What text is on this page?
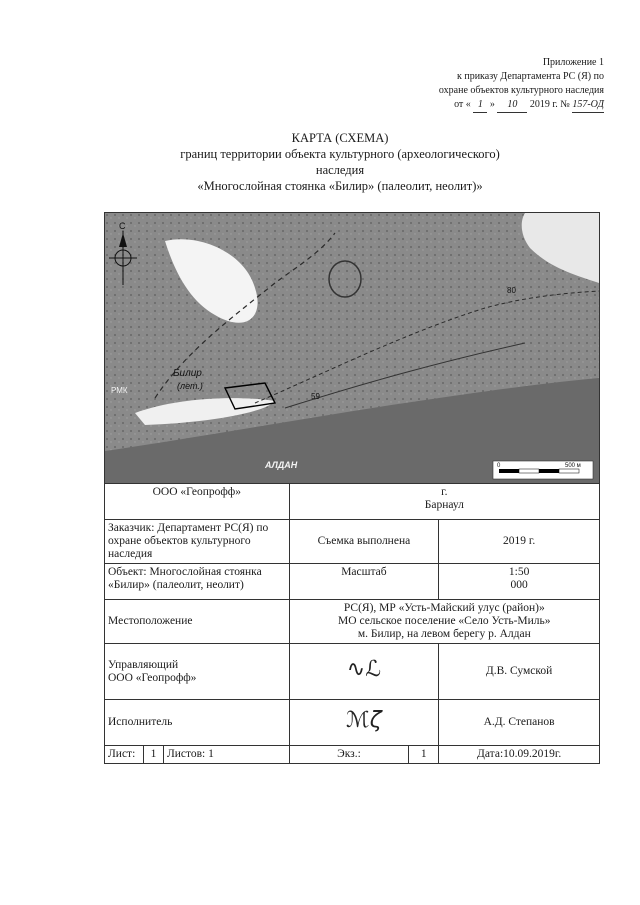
Приложение 1
к приказу Департамента РС (Я) по
охране объектов культурного наследия
от « 1 » 10 2019 г. № 157-ОД
КАРТА (СХЕМА)
границ территории объекта культурного (археологического)
наследия
«Многослойная стоянка «Билир» (палеолит, неолит)»
С
Билир
(лет.)
РМК
АЛДАН
80
59
0	500 м
ООО «Геопрофф»			г.
Барнаул		

Заказчик: Департамент РС(Я) по охране объектов культурного наследия			Съемка выполнена		2019 г.
Объект: Многослойная стоянка «Билир» (палеолит, неолит)			Масштаб		1:50
000

Местоположение			РС(Я), МР «Усть-Майский улус (район)»
МО сельское поселение «Село Усть-Миль»
м. Билир, на левом берегу р. Алдан		

Управляющий
ООО «Геопрофф»			∿ℒ		Д.В. Сумской
Исполнитель			ℳζ		А.Д. Степанов
Лист:	1	Листов: 1	Экз.:	1	Дата:10.09.2019г.
